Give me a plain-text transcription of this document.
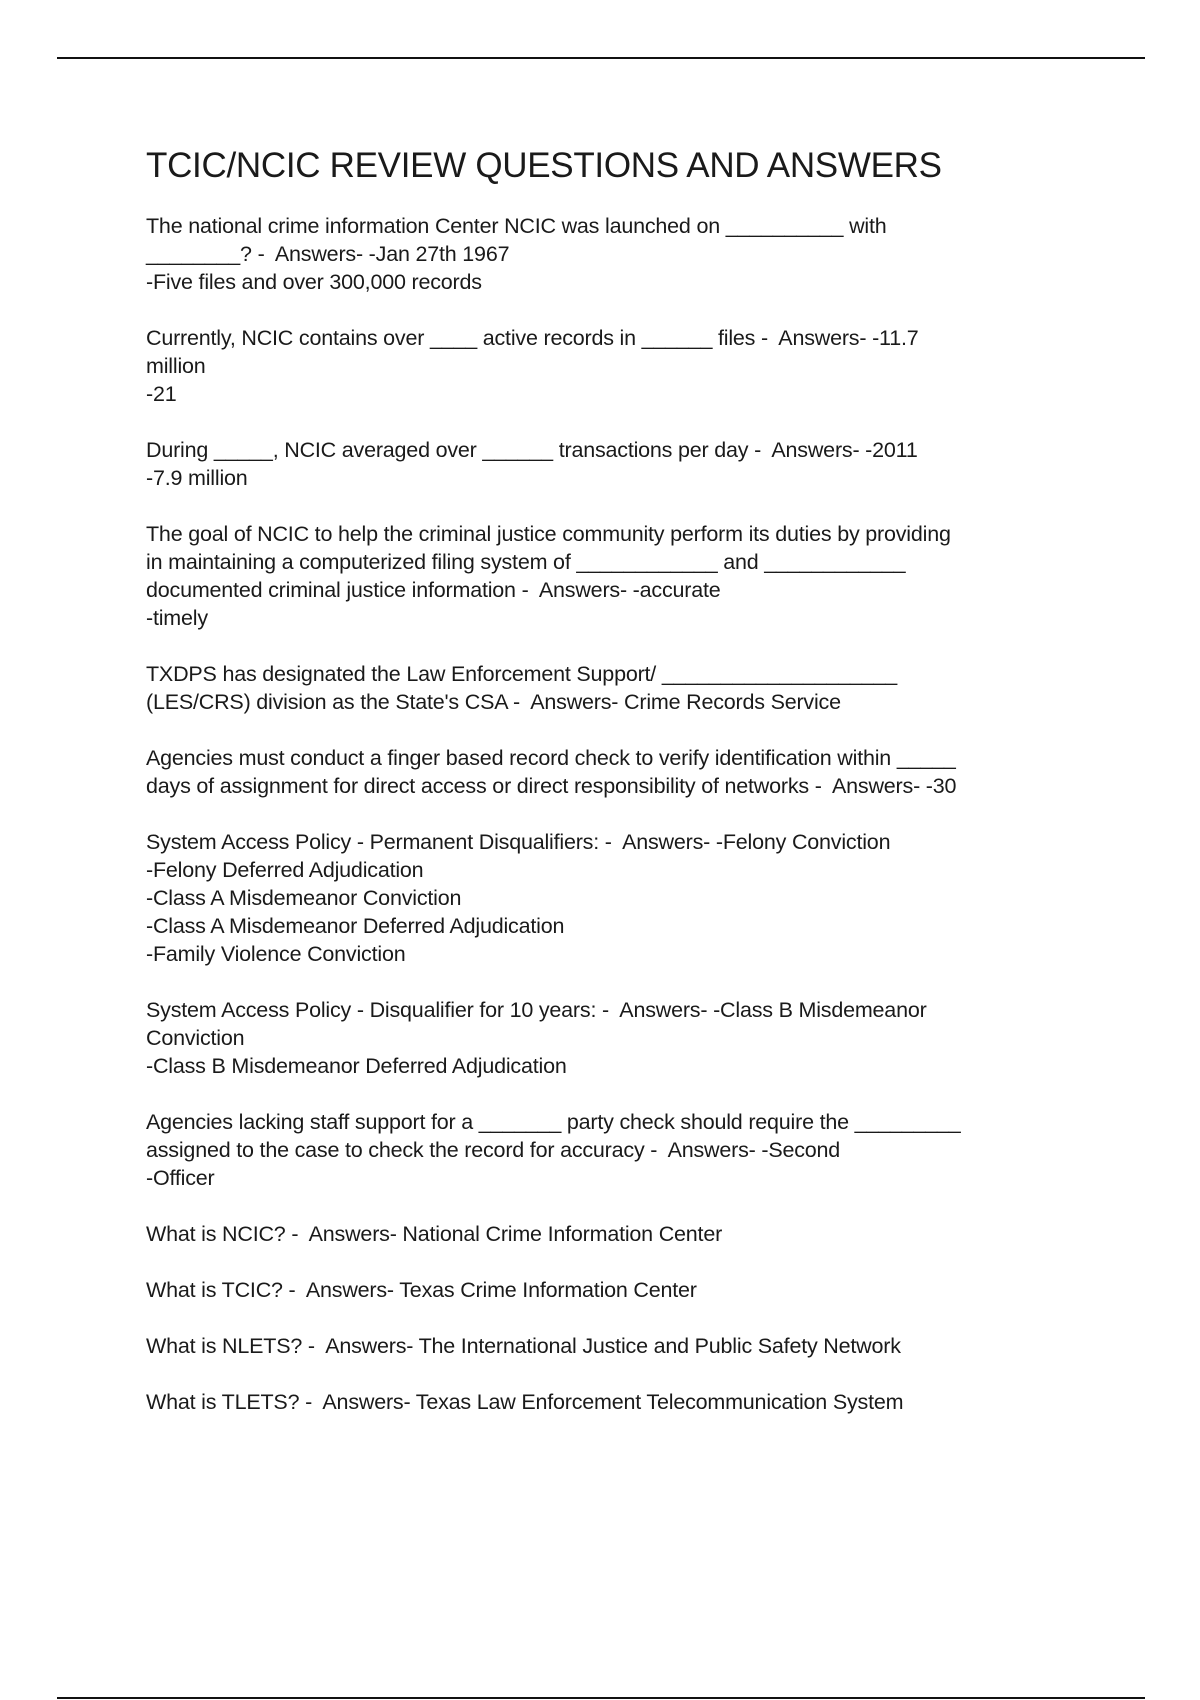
TCIC/NCIC REVIEW QUESTIONS AND ANSWERS
The national crime information Center NCIC was launched on __________ with
________? -  Answers- -Jan 27th 1967
-Five files and over 300,000 records
Currently, NCIC contains over ____ active records in ______ files -  Answers- -11.7
million
-21
During _____, NCIC averaged over ______ transactions per day -  Answers- -2011
-7.9 million
The goal of NCIC to help the criminal justice community perform its duties by providing
in maintaining a computerized filing system of ____________ and ____________
documented criminal justice information -  Answers- -accurate
-timely
TXDPS has designated the Law Enforcement Support/ ____________________
(LES/CRS) division as the State's CSA -  Answers- Crime Records Service
Agencies must conduct a finger based record check to verify identification within _____
days of assignment for direct access or direct responsibility of networks -  Answers- -30
System Access Policy - Permanent Disqualifiers: -  Answers- -Felony Conviction
-Felony Deferred Adjudication
-Class A Misdemeanor Conviction
-Class A Misdemeanor Deferred Adjudication
-Family Violence Conviction
System Access Policy - Disqualifier for 10 years: -  Answers- -Class B Misdemeanor
Conviction
-Class B Misdemeanor Deferred Adjudication
Agencies lacking staff support for a _______ party check should require the _________
assigned to the case to check the record for accuracy -  Answers- -Second
-Officer
What is NCIC? -  Answers- National Crime Information Center
What is TCIC? -  Answers- Texas Crime Information Center
What is NLETS? -  Answers- The International Justice and Public Safety Network
What is TLETS? -  Answers- Texas Law Enforcement Telecommunication System
